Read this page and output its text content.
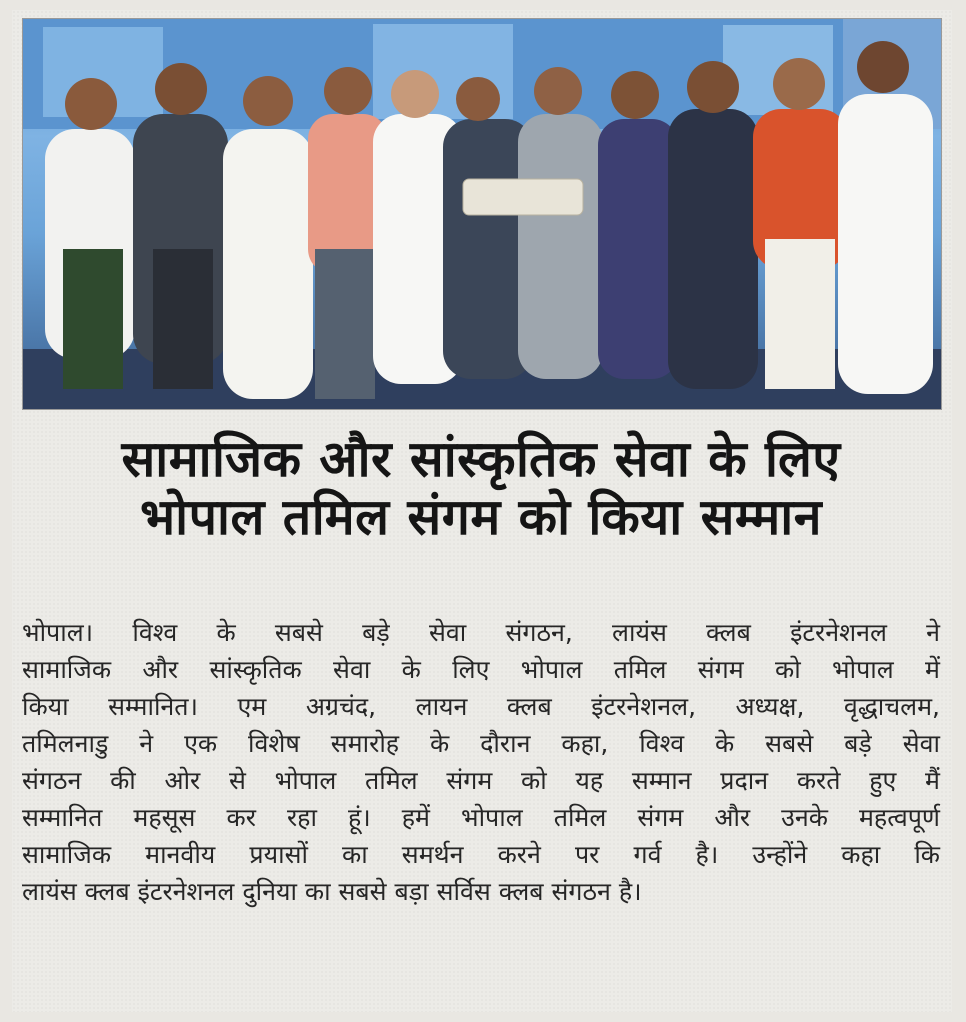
सामाजिक और सांस्कृतिक सेवा के लिए
भोपाल तमिल संगम को किया सम्मान
भोपाल। विश्व के सबसे बड़े सेवा संगठन, लायंस क्लब इंटरनेशनल ने
सामाजिक और सांस्कृतिक सेवा के लिए भोपाल तमिल संगम को भोपाल में
किया सम्मानित। एम अग्रचंद, लायन क्लब इंटरनेशनल, अध्यक्ष, वृद्धाचलम,
तमिलनाडु ने एक विशेष समारोह के दौरान कहा, विश्व के सबसे बड़े सेवा
संगठन की ओर से भोपाल तमिल संगम को यह सम्मान प्रदान करते हुए मैं
सम्मानित महसूस कर रहा हूं। हमें भोपाल तमिल संगम और उनके महत्वपूर्ण
सामाजिक मानवीय प्रयासों का समर्थन करने पर गर्व है। उन्होंने कहा कि
लायंस क्लब इंटरनेशनल दुनिया का सबसे बड़ा सर्विस क्लब संगठन है।
